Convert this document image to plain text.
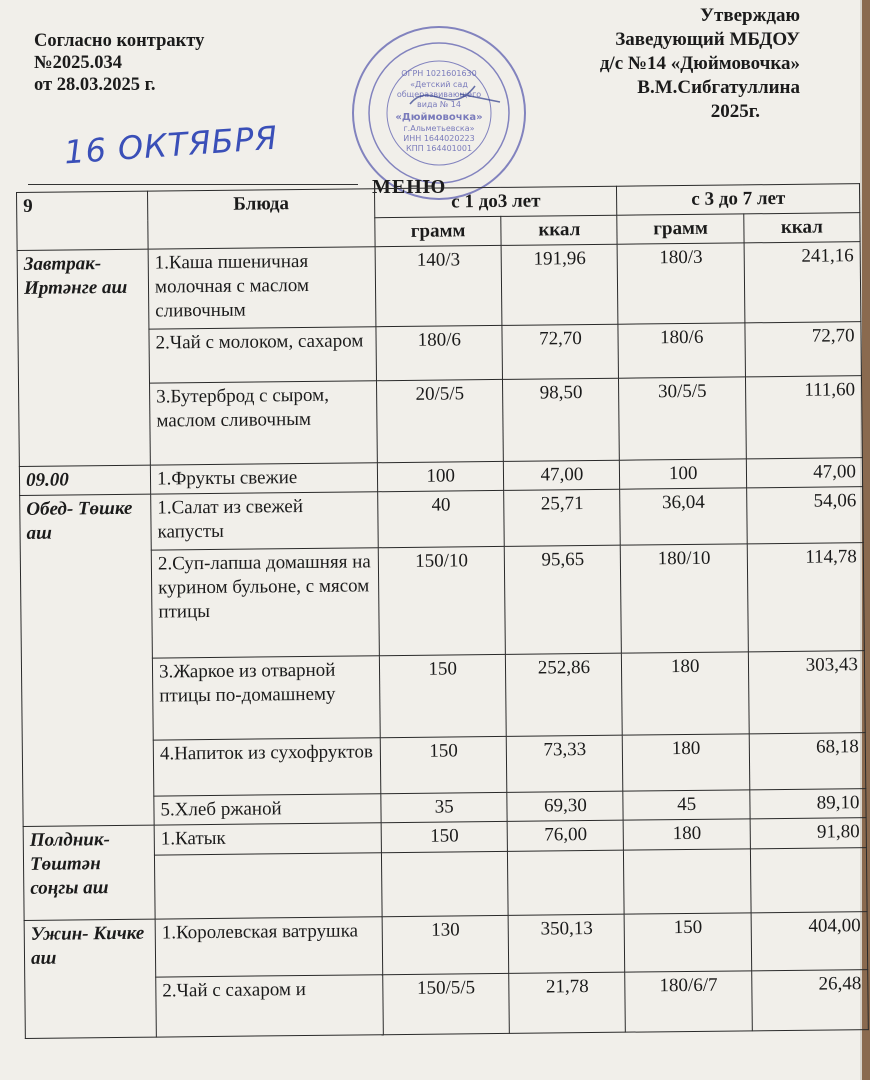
Согласно контракту
№2025.034
от 28.03.2025 г.
Утверждаю
Заведующий МБДОУ
д/с №14 «Дюймовочка»
В.М.Сибгатуллина
2025г.
ОГРН 1021601630
«Детский сад
общеразвивающего
вида № 14
«Дюймовочка»
г.Альметьевска»
ИНН 1644020223
КПП 164401001
16 ОКТЯБРЯ
МЕНЮ
9	Блюда	с 1 до3 лет		с 3 до 7 лет	
		грамм	ккал	грамм	ккал
Завтрак- Иртәнге аш	1.Каша пшеничная молочная с маслом сливочным	140/3	191,96	180/3	241,16
	2.Чай с молоком, сахаром	180/6	72,70	180/6	72,70
	3.Бутерброд с сыром, маслом сливочным	20/5/5	98,50	30/5/5	111,60
09.00	1.Фрукты свежие	100	47,00	100	47,00
Обед- Төшке аш	1.Салат из свежей капусты	40	25,71	36,04	54,06
	2.Суп-лапша домашняя на курином бульоне, с мясом птицы	150/10	95,65	180/10	114,78
	3.Жаркое из отварной птицы по-домашнему	150	252,86	180	303,43
	4.Напиток из сухофруктов	150	73,33	180	68,18
	5.Хлеб ржаной	35	69,30	45	89,10
Полдник- Төштән соңгы аш	1.Катык	150	76,00	180	91,80

Ужин- Кичке аш	1.Королевская ватрушка	130	350,13	150	404,00
	2.Чай с сахаром и	150/5/5	21,78	180/6/7	26,48
